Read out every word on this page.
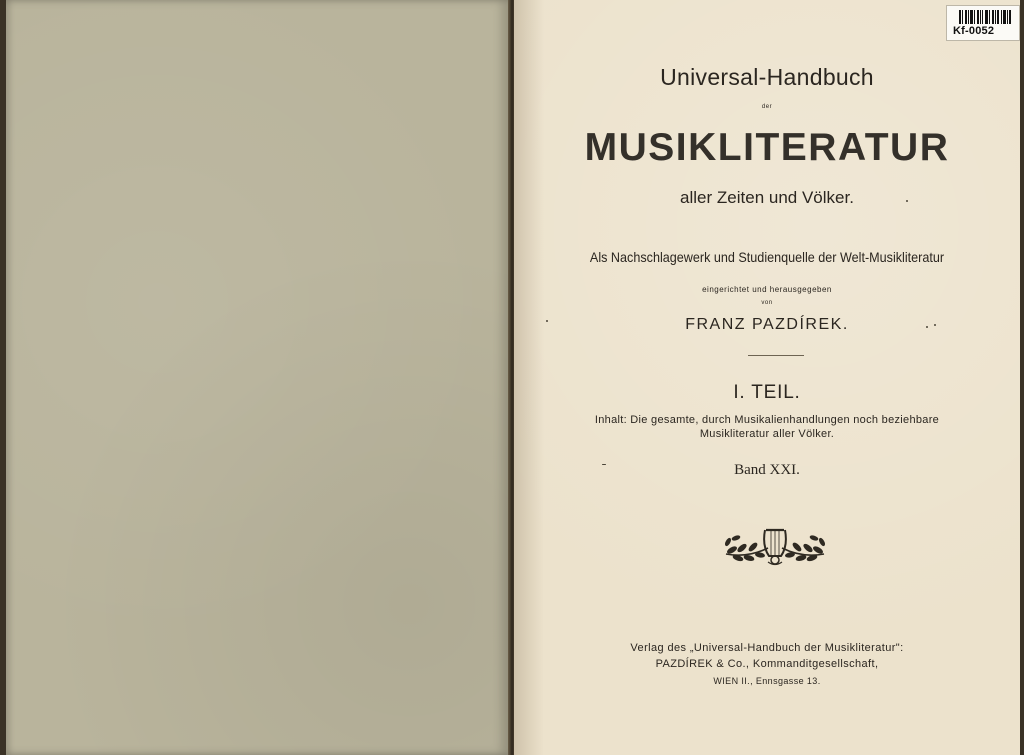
Universal-Handbuch
der
MUSIKLITERATUR
aller Zeiten und Völker.
Als Nachschlagewerk und Studienquelle der Welt-Musikliteratur
eingerichtet und herausgegeben
von
FRANZ PAZDÍREK.
I. TEIL.
Inhalt: Die gesamte, durch Musikalienhandlungen noch beziehbare
Musikliteratur aller Völker.
Band XXI.
Verlag des „Universal-Handbuch der Musikliteratur":
PAZDÍREK & Co., Kommanditgesellschaft,
WIEN II., Ennsgasse 13.
Kf-0052
